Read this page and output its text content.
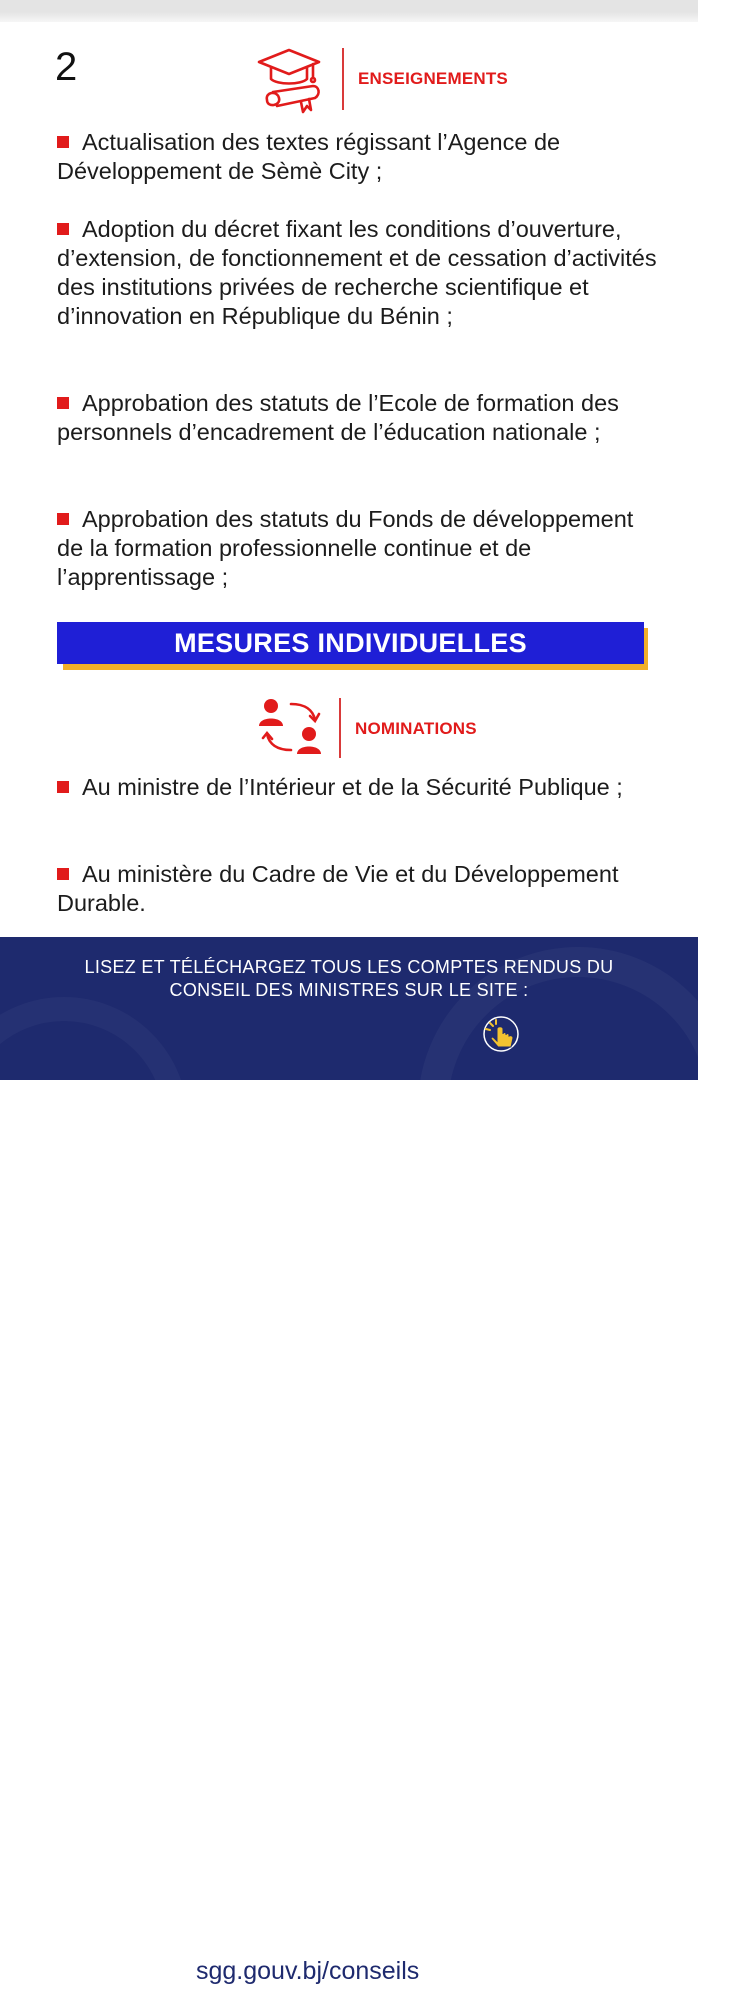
2	ENSEIGNEMENTS
Actualisation des textes régissant l’Agence de Développement de Sèmè City ;
Adoption du décret fixant les conditions d’ouverture, d’extension, de fonctionnement et de cessation d’activités des institutions privées de recherche scientifique et d’innovation en République du Bénin ;
Approbation des statuts de l’Ecole de formation des personnels d’encadrement de l’éducation nationale ;
Approbation des statuts du Fonds de développement de la formation professionnelle continue et de l’apprentissage ;
MESURES INDIVIDUELLES
NOMINATIONS
Au ministre de l’Intérieur et de la Sécurité Publique ;
Au ministère du Cadre de Vie et du Développement Durable.
LISEZ ET TÉLÉCHARGEZ TOUS LES COMPTES RENDUS DU
CONSEIL DES MINISTRES SUR LE SITE :
sgg.gouv.bj/conseils
